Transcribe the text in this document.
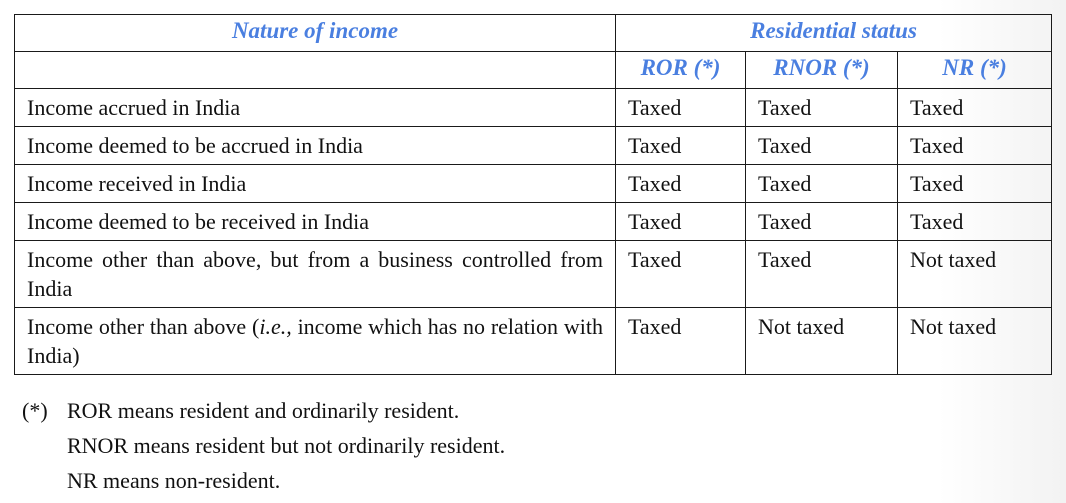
Nature of income	Residential status		
	ROR (*)	RNOR (*)	NR (*)
Income accrued in India	Taxed	Taxed	Taxed
Income deemed to be accrued in India	Taxed	Taxed	Taxed
Income received in India	Taxed	Taxed	Taxed
Income deemed to be received in India	Taxed	Taxed	Taxed
Income other than above, but from a business controlled from India	Taxed	Taxed	Not taxed
Income other than above (i.e., income which has no relation with India)	Taxed	Not taxed	Not taxed
(*) ROR means resident and ordinarily resident.
RNOR means resident but not ordinarily resident.
NR means non-resident.
